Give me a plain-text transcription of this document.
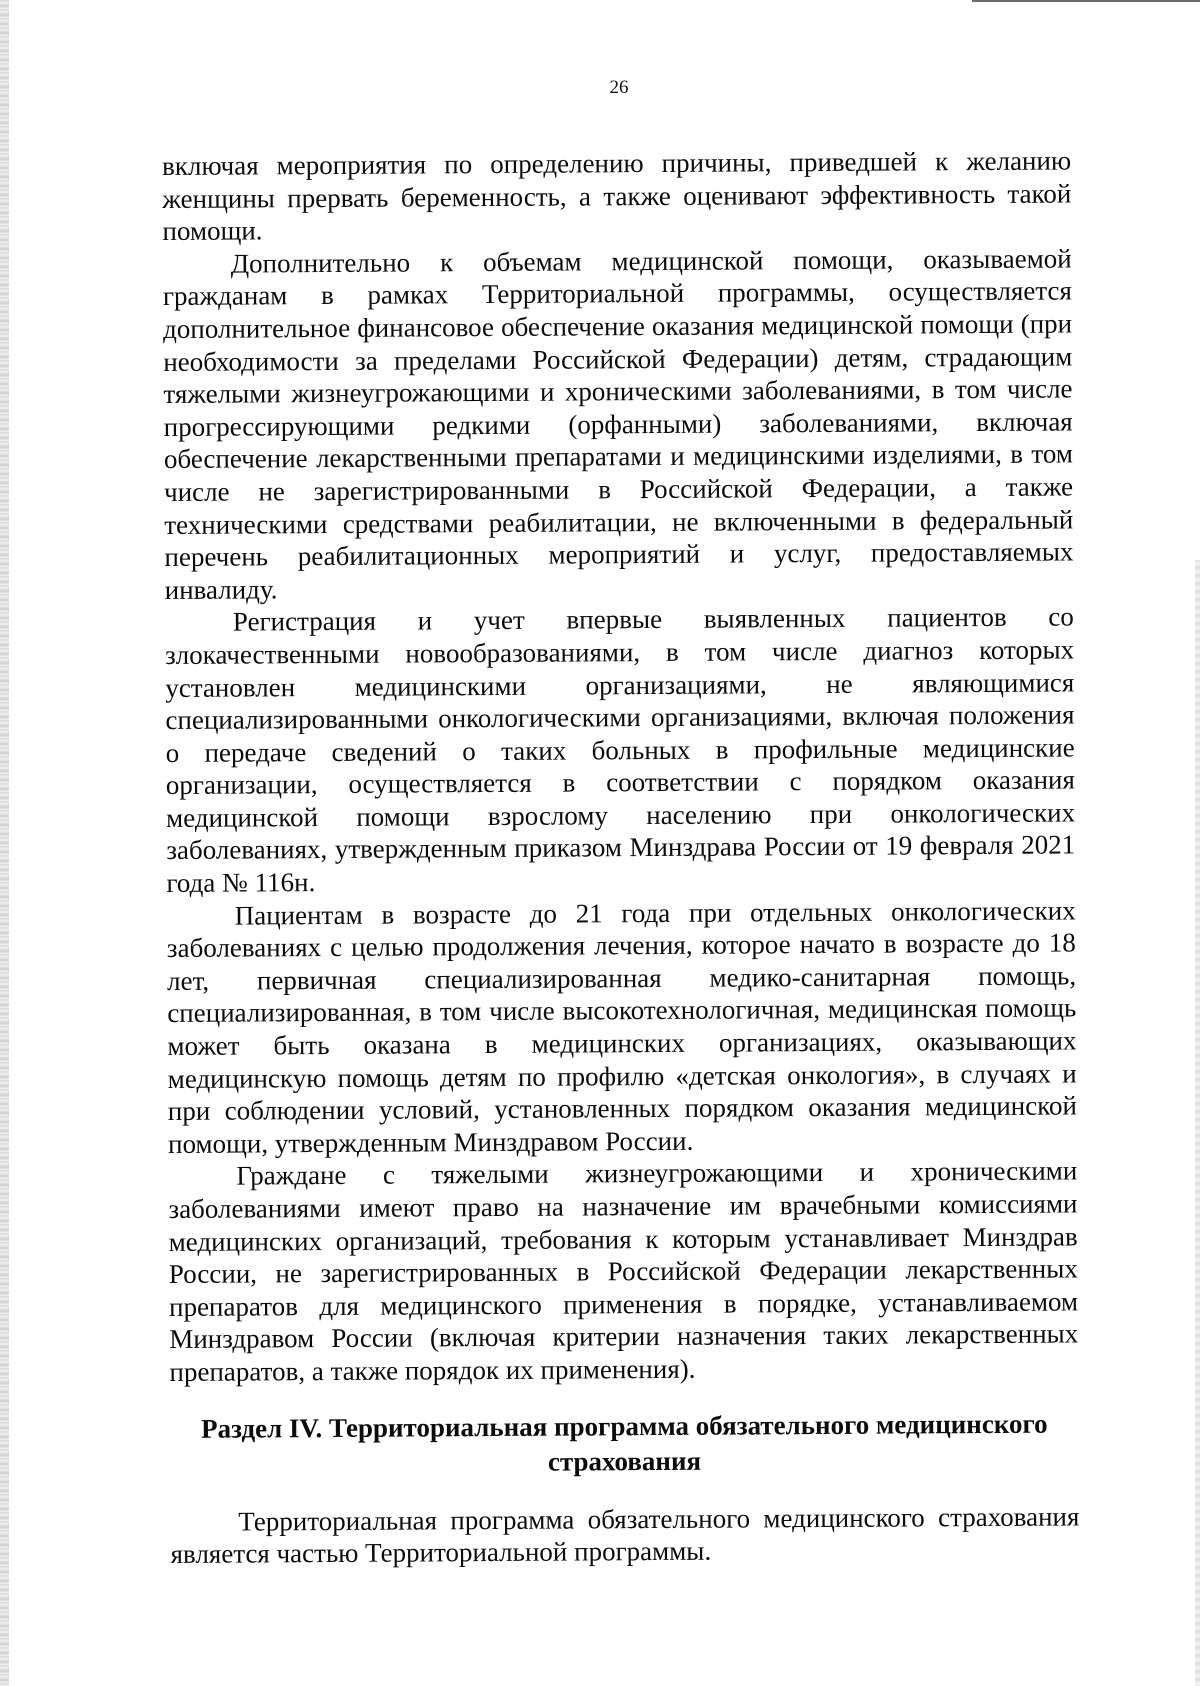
26

включая мероприятия по определению причины, приведшей к желанию женщины прервать беременность, а также оценивают эффективность такой помощи.

Дополнительно к объемам медицинской помощи, оказываемой гражданам в рамках Территориальной программы, осуществляется дополнительное финансовое обеспечение оказания медицинской помощи (при необходимости за пределами Российской Федерации) детям, страдающим тяжелыми жизнеугрожающими и хроническими заболеваниями, в том числе прогрессирующими редкими (орфанными) заболеваниями, включая обеспечение лекарственными препаратами и медицинскими изделиями, в том числе не зарегистрированными в Российской Федерации, а также техническими средствами реабилитации, не включенными в федеральный перечень реабилитационных мероприятий и услуг, предоставляемых инвалиду.

Регистрация и учет впервые выявленных пациентов со злокачественными новообразованиями, в том числе диагноз которых установлен медицинскими организациями, не являющимися специализированными онкологическими организациями, включая положения о передаче сведений о таких больных в профильные медицинские организации, осуществляется в соответствии с порядком оказания медицинской помощи взрослому населению при онкологических заболеваниях, утвержденным приказом Минздрава России от 19 февраля 2021 года № 116н.

Пациентам в возрасте до 21 года при отдельных онкологических заболеваниях с целью продолжения лечения, которое начато в возрасте до 18 лет, первичная специализированная медико-санитарная помощь, специализированная, в том числе высокотехнологичная, медицинская помощь может быть оказана в медицинских организациях, оказывающих медицинскую помощь детям по профилю «детская онкология», в случаях и при соблюдении условий, установленных порядком оказания медицинской помощи, утвержденным Минздравом России.

Граждане с тяжелыми жизнеугрожающими и хроническими заболеваниями имеют право на назначение им врачебными комиссиями медицинских организаций, требования к которым устанавливает Минздрав России, не зарегистрированных в Российской Федерации лекарственных препаратов для медицинского применения в порядке, устанавливаемом Минздравом России (включая критерии назначения таких лекарственных препаратов, а также порядок их применения).

Раздел IV. Территориальная программа обязательного медицинского
страхования

Территориальная программа обязательного медицинского страхования является частью Территориальной программы.
